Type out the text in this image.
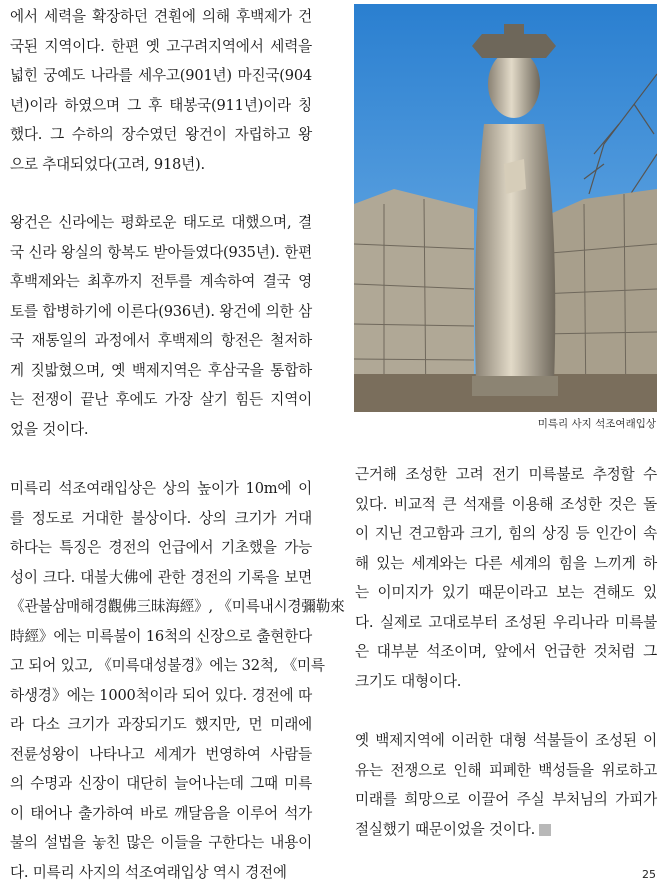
에서 세력을 확장하던 견훤에 의해 후백제가 건
국된 지역이다. 한편 옛 고구려지역에서 세력을
넓힌 궁예도 나라를 세우고(901년) 마진국(904
년)이라 하였으며 그 후 태봉국(911년)이라 칭
했다. 그 수하의 장수였던 왕건이 자립하고 왕
으로 추대되었다(고려, 918년).

왕건은 신라에는 평화로운 태도로 대했으며, 결
국 신라 왕실의 항복도 받아들였다(935년). 한편
후백제와는 최후까지 전투를 계속하여 결국 영
토를 합병하기에 이른다(936년). 왕건에 의한 삼
국 재통일의 과정에서 후백제의 항전은 철저하
게 짓밟혔으며, 옛 백제지역은 후삼국을 통합하
는 전쟁이 끝난 후에도 가장 살기 힘든 지역이
었을 것이다.

미륵리 석조여래입상은 상의 높이가 10m에 이
를 정도로 거대한 불상이다. 상의 크기가 거대
하다는 특징은 경전의 언급에서 기초했을 가능
성이 크다. 대불大佛에 관한 경전의 기록을 보면
《관불삼매해경觀佛三昧海經》, 《미륵내시경彌勒來
時經》에는 미륵불이 16척의 신장으로 출현한다
고 되어 있고, 《미륵대성불경》에는 32척, 《미륵
하생경》에는 1000척이라 되어 있다. 경전에 따
라 다소 크기가 과장되기도 했지만, 먼 미래에
전륜성왕이 나타나고 세계가 번영하여 사람들
의 수명과 신장이 대단히 늘어나는데 그때 미륵
이 태어나 출가하여 바로 깨달음을 이루어 석가
불의 설법을 놓친 많은 이들을 구한다는 내용이
다. 미륵리 사지의 석조여래입상 역시 경전에

미륵리 사지 석조여래입상

근거해 조성한 고려 전기 미륵불로 추정할 수
있다. 비교적 큰 석재를 이용해 조성한 것은 돌
이 지닌 견고함과 크기, 힘의 상징 등 인간이 속
해 있는 세계와는 다른 세계의 힘을 느끼게 하
는 이미지가 있기 때문이라고 보는 견해도 있
다. 실제로 고대로부터 조성된 우리나라 미륵불
은 대부분 석조이며, 앞에서 언급한 것처럼 그
크기도 대형이다.

옛 백제지역에 이러한 대형 석불들이 조성된 이
유는 전쟁으로 인해 피폐한 백성들을 위로하고
미래를 희망으로 이끌어 주실 부처님의 가피가
절실했기 때문이었을 것이다.

25
